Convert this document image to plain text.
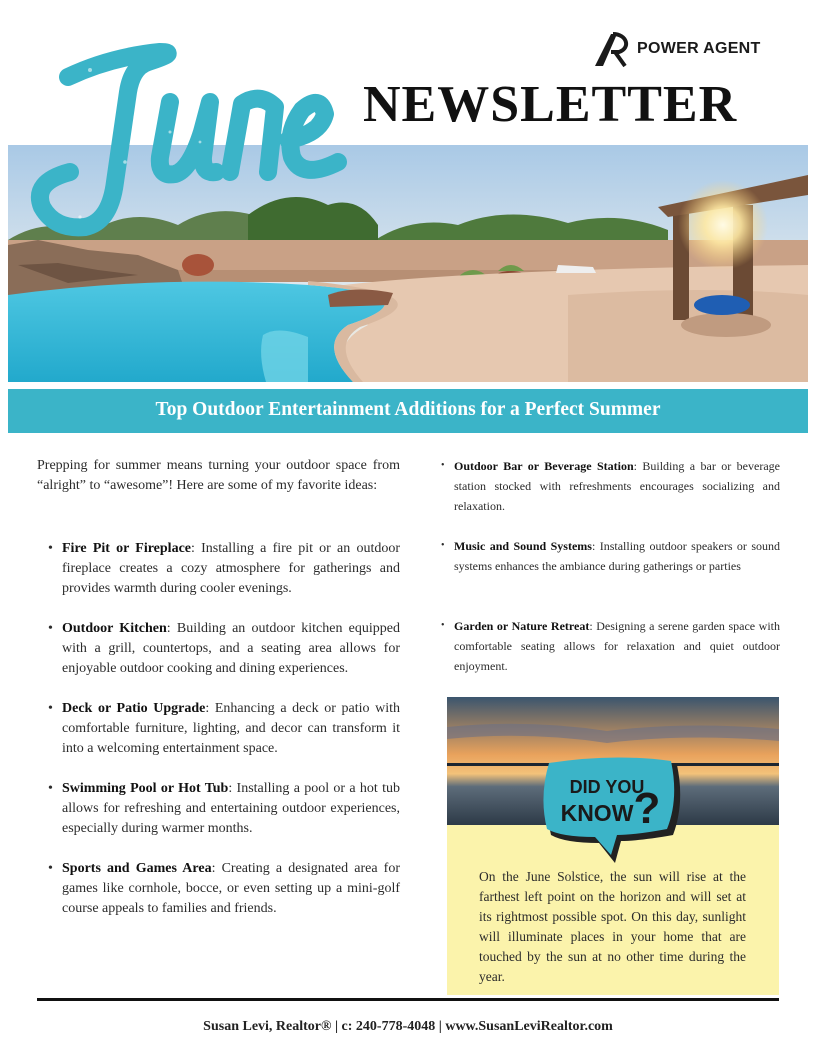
POWER AGENT
NEWSLETTER
Top Outdoor Entertainment Additions for a Perfect Summer
Prepping for summer means turning your outdoor space from “alright” to “awesome”! Here are some of my favorite ideas:
• Fire Pit or Fireplace: Installing a fire pit or an outdoor fireplace creates a cozy atmosphere for gatherings and provides warmth during cooler evenings.
• Outdoor Kitchen: Building an outdoor kitchen equipped with a grill, countertops, and a seating area allows for enjoyable outdoor cooking and dining experiences.
• Deck or Patio Upgrade: Enhancing a deck or patio with comfortable furniture, lighting, and decor can transform it into a welcoming entertainment space.
• Swimming Pool or Hot Tub: Installing a pool or a hot tub allows for refreshing and entertaining outdoor experiences, especially during warmer months.
• Sports and Games Area: Creating a designated area for games like cornhole, bocce, or even setting up a mini-golf course appeals to families and friends.
• Outdoor Bar or Beverage Station: Building a bar or beverage station stocked with refreshments encourages socializing and relaxation.
• Music and Sound Systems: Installing outdoor speakers or sound systems enhances the ambiance during gatherings or parties
• Garden or Nature Retreat: Designing a serene garden space with comfortable seating allows for relaxation and quiet outdoor enjoyment.
DID YOU
KNOW ?
On the June Solstice, the sun will rise at the farthest left point on the horizon and will set at its rightmost possible spot. On this day, sunlight will illuminate places in your home that are touched by the sun at no other time during the year.
Susan Levi, Realtor® | c: 240-778-4048 | www.SusanLeviRealtor.com
